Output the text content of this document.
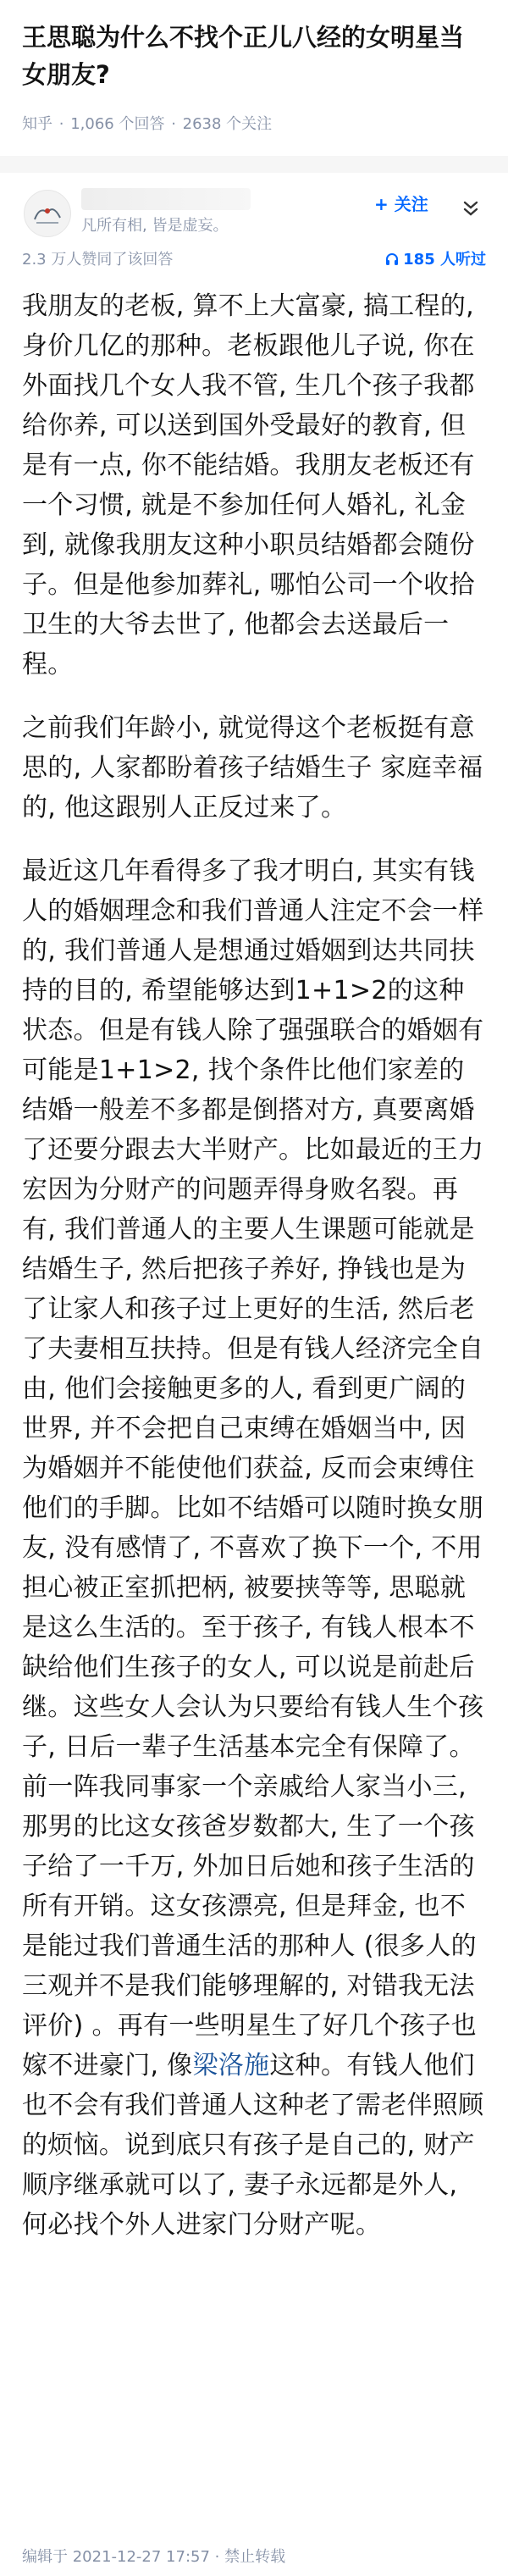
王思聪为什么不找个正儿八经的女明星当女朋友?
知乎 · 1,066 个回答 · 2638 个关注
凡所有相, 皆是虚妄。
+ 关注
2.3 万人赞同了该回答	185 人听过

我朋友的老板, 算不上大富豪, 搞工程的, 身价几亿的那种。老板跟他儿子说, 你在外面找几个女人我不管, 生几个孩子我都给你养, 可以送到国外受最好的教育, 但是有一点, 你不能结婚。我朋友老板还有一个习惯, 就是不参加任何人婚礼, 礼金到, 就像我朋友这种小职员结婚都会随份子。但是他参加葬礼, 哪怕公司一个收拾卫生的大爷去世了, 他都会去送最后一程。

之前我们年龄小, 就觉得这个老板挺有意思的, 人家都盼着孩子结婚生子 家庭幸福的, 他这跟别人正反过来了。

最近这几年看得多了我才明白, 其实有钱人的婚姻理念和我们普通人注定不会一样的, 我们普通人是想通过婚姻到达共同扶持的目的, 希望能够达到1+1>2的这种状态。但是有钱人除了强强联合的婚姻有可能是1+1>2, 找个条件比他们家差的结婚一般差不多都是倒搭对方, 真要离婚了还要分跟去大半财产。比如最近的王力宏因为分财产的问题弄得身败名裂。再有, 我们普通人的主要人生课题可能就是结婚生子, 然后把孩子养好, 挣钱也是为了让家人和孩子过上更好的生活, 然后老了夫妻相互扶持。但是有钱人经济完全自由, 他们会接触更多的人, 看到更广阔的世界, 并不会把自己束缚在婚姻当中, 因为婚姻并不能使他们获益, 反而会束缚住他们的手脚。比如不结婚可以随时换女朋友, 没有感情了, 不喜欢了换下一个, 不用担心被正室抓把柄, 被要挟等等, 思聪就是这么生活的。至于孩子, 有钱人根本不缺给他们生孩子的女人, 可以说是前赴后继。这些女人会认为只要给有钱人生个孩子, 日后一辈子生活基本完全有保障了。前一阵我同事家一个亲戚给人家当小三, 那男的比这女孩爸岁数都大, 生了一个孩子给了一千万, 外加日后她和孩子生活的所有开销。这女孩漂亮, 但是拜金, 也不是能过我们普通生活的那种人 (很多人的三观并不是我们能够理解的, 对错我无法评价) 。再有一些明星生了好几个孩子也嫁不进豪门, 像梁洛施这种。有钱人他们也不会有我们普通人这种老了需老伴照顾的烦恼。说到底只有孩子是自己的, 财产顺序继承就可以了, 妻子永远都是外人, 何必找个外人进家门分财产呢。

编辑于 2021-12-27 17:57 · 禁止转载
